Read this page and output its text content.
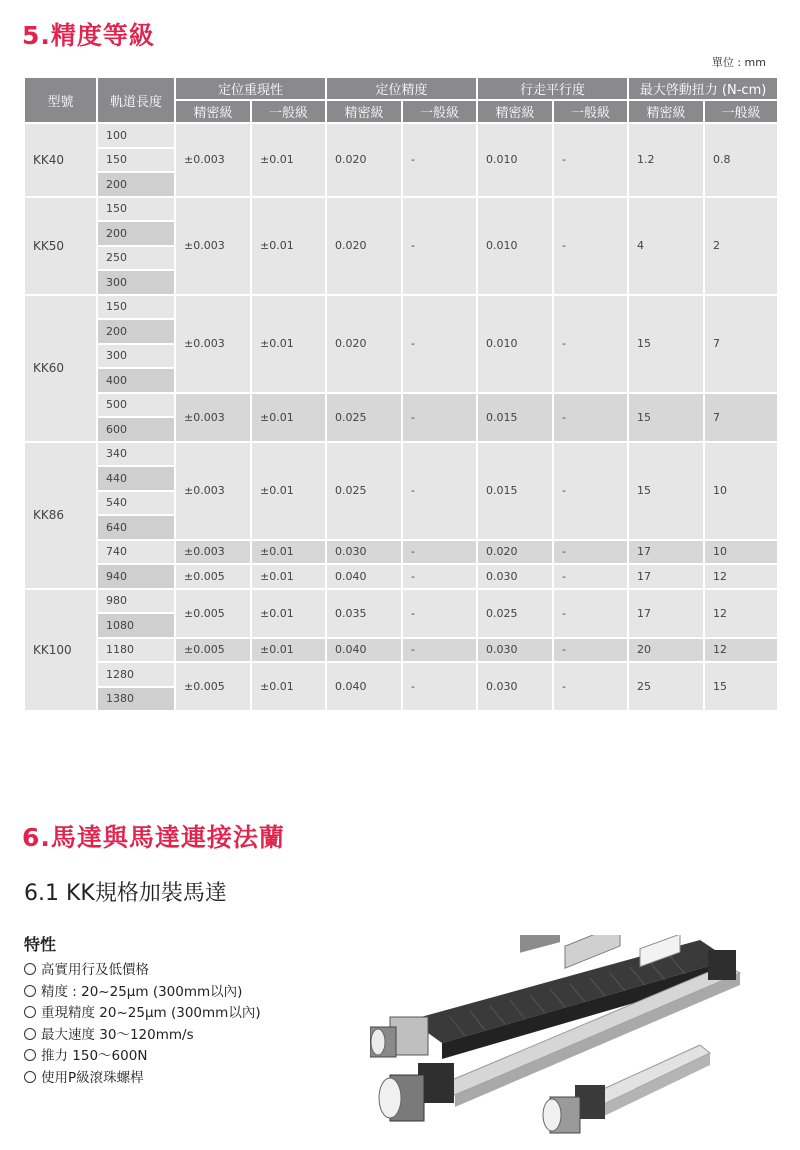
5.精度等級
單位 : mm
型號	軌道長度	定位重現性		定位精度		行走平行度		最大啓動扭力 (N-cm)	
		精密級	一般級	精密級	一般級	精密級	一般級	精密級	一般級
KK40	100	±0.003	±0.01	0.020	-	0.010	-	1.2	0.8
	150								
	200								
KK50	150	±0.003	±0.01	0.020	-	0.010	-	4	2
	200								
	250								
	300								
KK60	150	±0.003	±0.01	0.020	-	0.010	-	15	7
	200								
	300								
	400								
	500	±0.003	±0.01	0.025	-	0.015	-	15	7
	600								
KK86	340	±0.003	±0.01	0.025	-	0.015	-	15	10
	440								
	540								
	640								
	740	±0.003	±0.01	0.030	-	0.020	-	17	10
	940	±0.005	±0.01	0.040	-	0.030	-	17	12
KK100	980	±0.005	±0.01	0.035	-	0.025	-	17	12
	1080								
	1180	±0.005	±0.01	0.040	-	0.030	-	20	12
	1280	±0.005	±0.01	0.040	-	0.030	-	25	15
	1380								
6.馬達與馬達連接法蘭
6.1 KK規格加裝馬達
特性
高實用行及低價格
精度 : 20~25μm (300mm以內)
重現精度 20~25μm (300mm以內)
最大速度 30～120mm/s
推力 150～600N
使用P級滾珠螺桿
